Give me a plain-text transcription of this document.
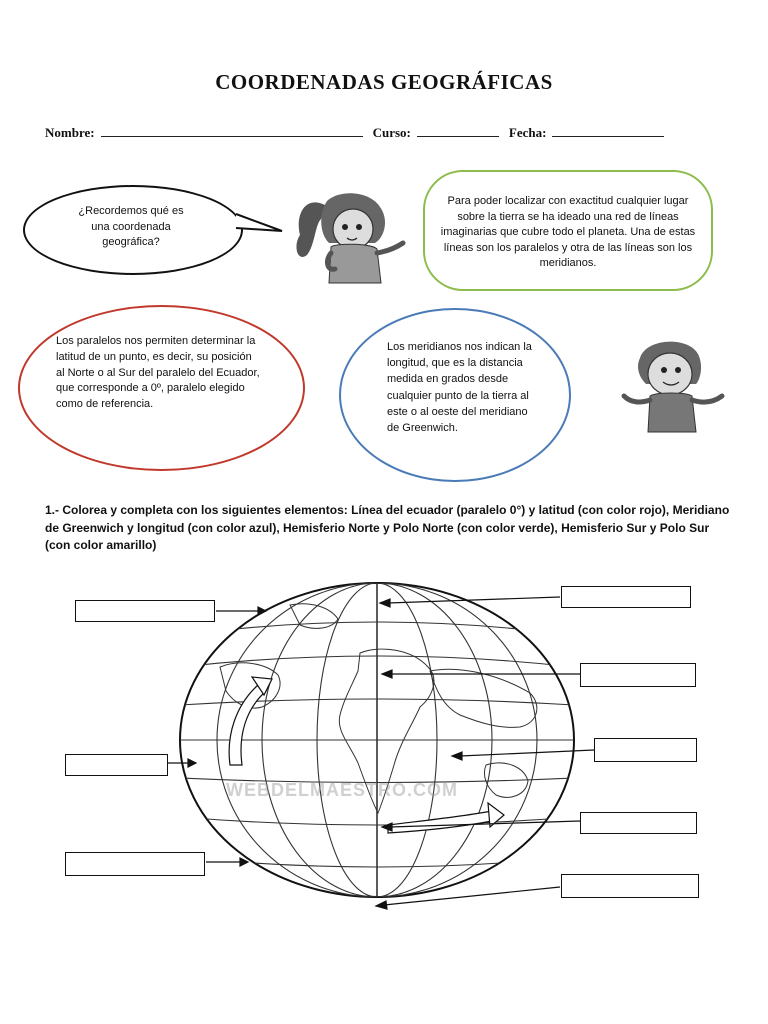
COORDENADAS GEOGRÁFICAS
Nombre:	Curso:	Fecha:
¿Recordemos qué es una coordenada geográfica?
Para poder localizar con exactitud cualquier lugar sobre la tierra se ha ideado una red de líneas imaginarias que cubre todo el planeta. Una de estas líneas son los paralelos y otra de las líneas son los meridianos.
Los paralelos nos permiten determinar la latitud de un punto, es decir, su posición al Norte o al Sur del paralelo del Ecuador, que corresponde a 0º, paralelo elegido como de referencia.
Los meridianos nos indican la longitud, que es la distancia medida en grados desde cualquier punto de la tierra al este o al oeste del meridiano de Greenwich.
1.- Colorea y completa con los siguientes elementos: Línea del ecuador (paralelo 0°) y latitud (con color rojo), Meridiano de Greenwich y longitud (con color azul), Hemisferio Norte y Polo Norte (con color verde), Hemisferio Sur y Polo Sur (con color amarillo)
WEBDELMAESTRO.COM
